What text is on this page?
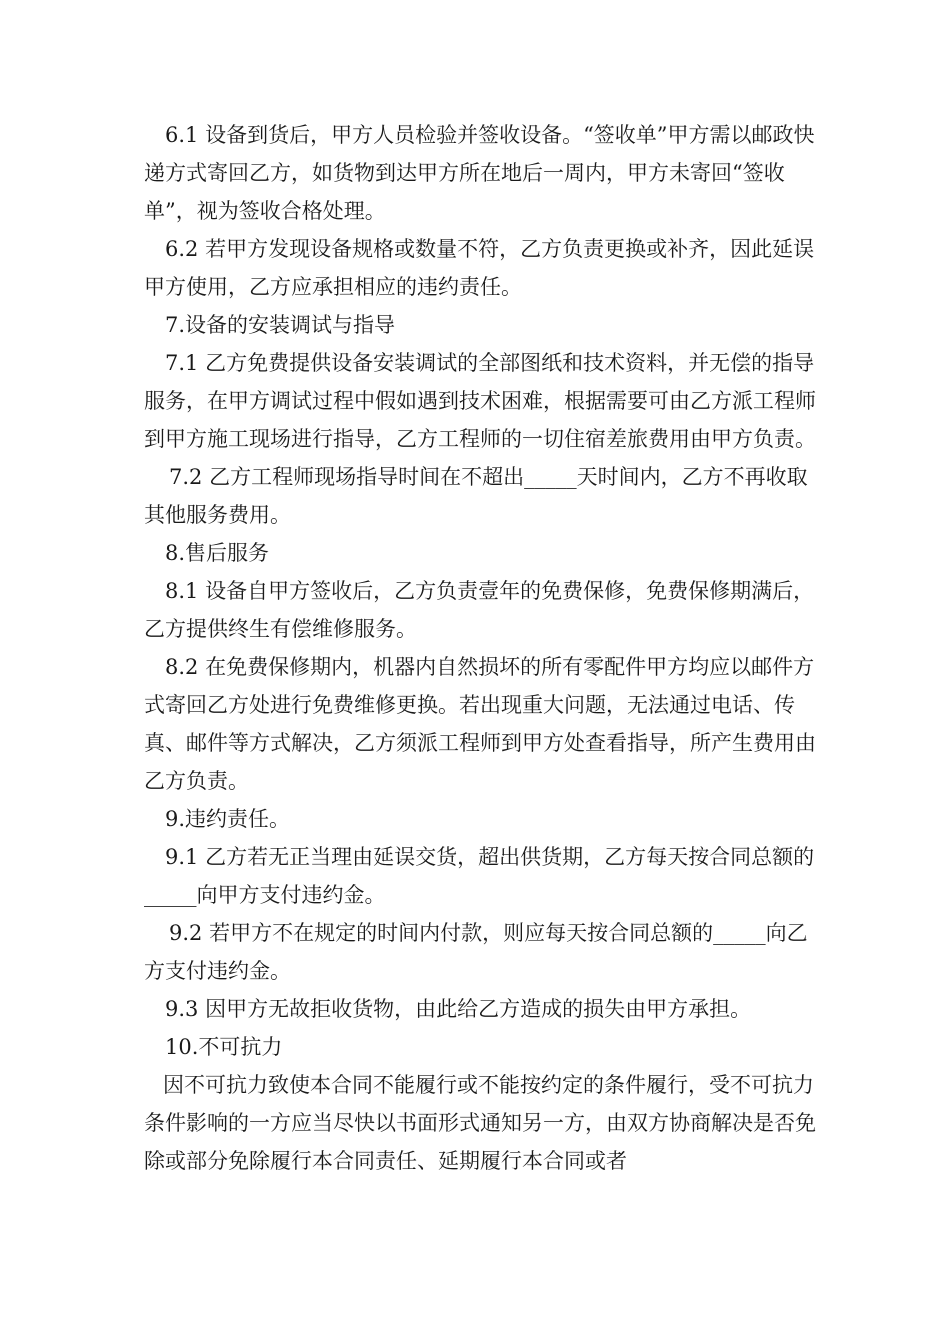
6.1 设备到货后，甲方人员检验并签收设备。“签收单”甲方需以邮政快递方式寄回乙方，如货物到达甲方所在地后一周内，甲方未寄回“签收单”，视为签收合格处理。

6.2 若甲方发现设备规格或数量不符，乙方负责更换或补齐，因此延误甲方使用，乙方应承担相应的违约责任。

7.设备的安装调试与指导

7.1 乙方免费提供设备安装调试的全部图纸和技术资料，并无偿的指导服务，在甲方调试过程中假如遇到技术困难，根据需要可由乙方派工程师到甲方施工现场进行指导，乙方工程师的一切住宿差旅费用由甲方负责。

7.2 乙方工程师现场指导时间在不超出_____天时间内，乙方不再收取其他服务费用。

8.售后服务

8.1 设备自甲方签收后，乙方负责壹年的免费保修，免费保修期满后，乙方提供终生有偿维修服务。

8.2 在免费保修期内，机器内自然损坏的所有零配件甲方均应以邮件方式寄回乙方处进行免费维修更换。若出现重大问题，无法通过电话、传真、邮件等方式解决，乙方须派工程师到甲方处查看指导，所产生费用由乙方负责。

9.违约责任。

9.1 乙方若无正当理由延误交货，超出供货期，乙方每天按合同总额的_____向甲方支付违约金。

9.2 若甲方不在规定的时间内付款，则应每天按合同总额的_____向乙方支付违约金。

9.3 因甲方无故拒收货物，由此给乙方造成的损失由甲方承担。

10.不可抗力

因不可抗力致使本合同不能履行或不能按约定的条件履行，受不可抗力条件影响的一方应当尽快以书面形式通知另一方，由双方协商解决是否免除或部分免除履行本合同责任、延期履行本合同或者
